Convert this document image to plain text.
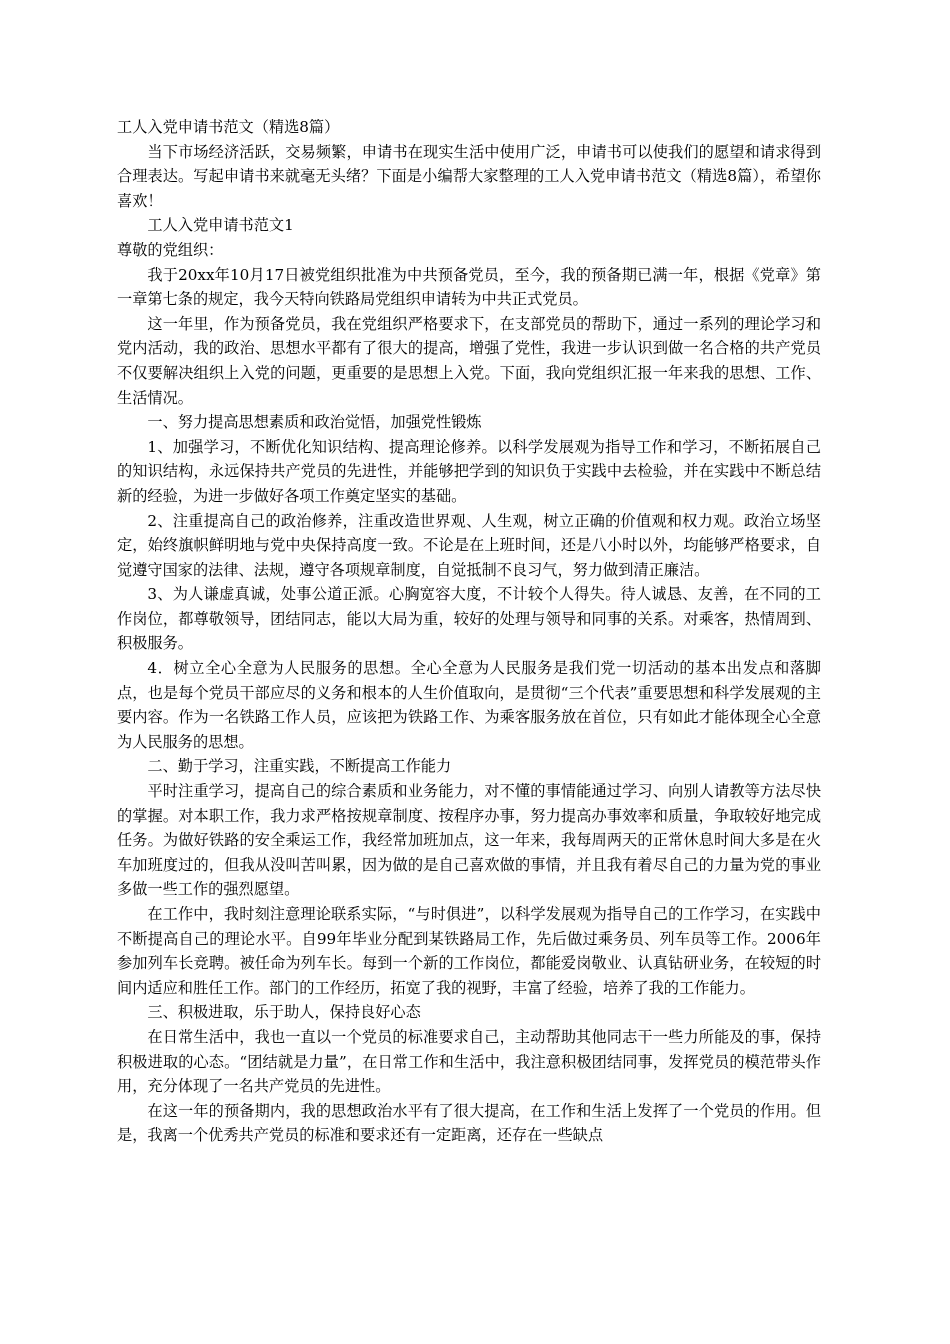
工人入党申请书范文（精选8篇）

当下市场经济活跃，交易频繁，申请书在现实生活中使用广泛，申请书可以使我们的愿望和请求得到合理表达。写起申请书来就毫无头绪？下面是小编帮大家整理的工人入党申请书范文（精选8篇），希望你喜欢！

工人入党申请书范文1

尊敬的党组织：

我于20xx年10月17日被党组织批准为中共预备党员，至今，我的预备期已满一年，根据《党章》第一章第七条的规定，我今天特向铁路局党组织申请转为中共正式党员。

这一年里，作为预备党员，我在党组织严格要求下，在支部党员的帮助下，通过一系列的理论学习和党内活动，我的政治、思想水平都有了很大的提高，增强了党性，我进一步认识到做一名合格的共产党员不仅要解决组织上入党的问题，更重要的是思想上入党。下面，我向党组织汇报一年来我的思想、工作、生活情况。

一、努力提高思想素质和政治觉悟，加强党性锻炼

1、加强学习，不断优化知识结构、提高理论修养。以科学发展观为指导工作和学习，不断拓展自己的知识结构，永远保持共产党员的先进性，并能够把学到的知识负于实践中去检验，并在实践中不断总结新的经验，为进一步做好各项工作奠定坚实的基础。

2、注重提高自己的政治修养，注重改造世界观、人生观，树立正确的价值观和权力观。政治立场坚定，始终旗帜鲜明地与党中央保持高度一致。不论是在上班时间，还是八小时以外，均能够严格要求，自觉遵守国家的法律、法规，遵守各项规章制度，自觉抵制不良习气，努力做到清正廉洁。

3、为人谦虚真诚，处事公道正派。心胸宽容大度，不计较个人得失。待人诚恳、友善，在不同的工作岗位，都尊敬领导，团结同志，能以大局为重，较好的处理与领导和同事的关系。对乘客，热情周到、积极服务。

4．树立全心全意为人民服务的思想。全心全意为人民服务是我们党一切活动的基本出发点和落脚点，也是每个党员干部应尽的义务和根本的人生价值取向，是贯彻“三个代表”重要思想和科学发展观的主要内容。作为一名铁路工作人员，应该把为铁路工作、为乘客服务放在首位，只有如此才能体现全心全意为人民服务的思想。

二、勤于学习，注重实践，不断提高工作能力

平时注重学习，提高自己的综合素质和业务能力，对不懂的事情能通过学习、向别人请教等方法尽快的掌握。对本职工作，我力求严格按规章制度、按程序办事，努力提高办事效率和质量，争取较好地完成任务。为做好铁路的安全乘运工作，我经常加班加点，这一年来，我每周两天的正常休息时间大多是在火车加班度过的，但我从没叫苦叫累，因为做的是自己喜欢做的事情，并且我有着尽自己的力量为党的事业多做一些工作的强烈愿望。

在工作中，我时刻注意理论联系实际，“与时俱进”，以科学发展观为指导自己的工作学习，在实践中不断提高自己的理论水平。自99年毕业分配到某铁路局工作，先后做过乘务员、列车员等工作。2006年参加列车长竞聘。被任命为列车长。每到一个新的工作岗位，都能爱岗敬业、认真钻研业务，在较短的时间内适应和胜任工作。部门的工作经历，拓宽了我的视野，丰富了经验，培养了我的工作能力。

三、积极进取，乐于助人，保持良好心态

在日常生活中，我也一直以一个党员的标准要求自己，主动帮助其他同志干一些力所能及的事，保持积极进取的心态。“团结就是力量”，在日常工作和生活中，我注意积极团结同事，发挥党员的模范带头作用，充分体现了一名共产党员的先进性。

在这一年的预备期内，我的思想政治水平有了很大提高，在工作和生活上发挥了一个党员的作用。但是，我离一个优秀共产党员的标准和要求还有一定距离，还存在一些缺点
